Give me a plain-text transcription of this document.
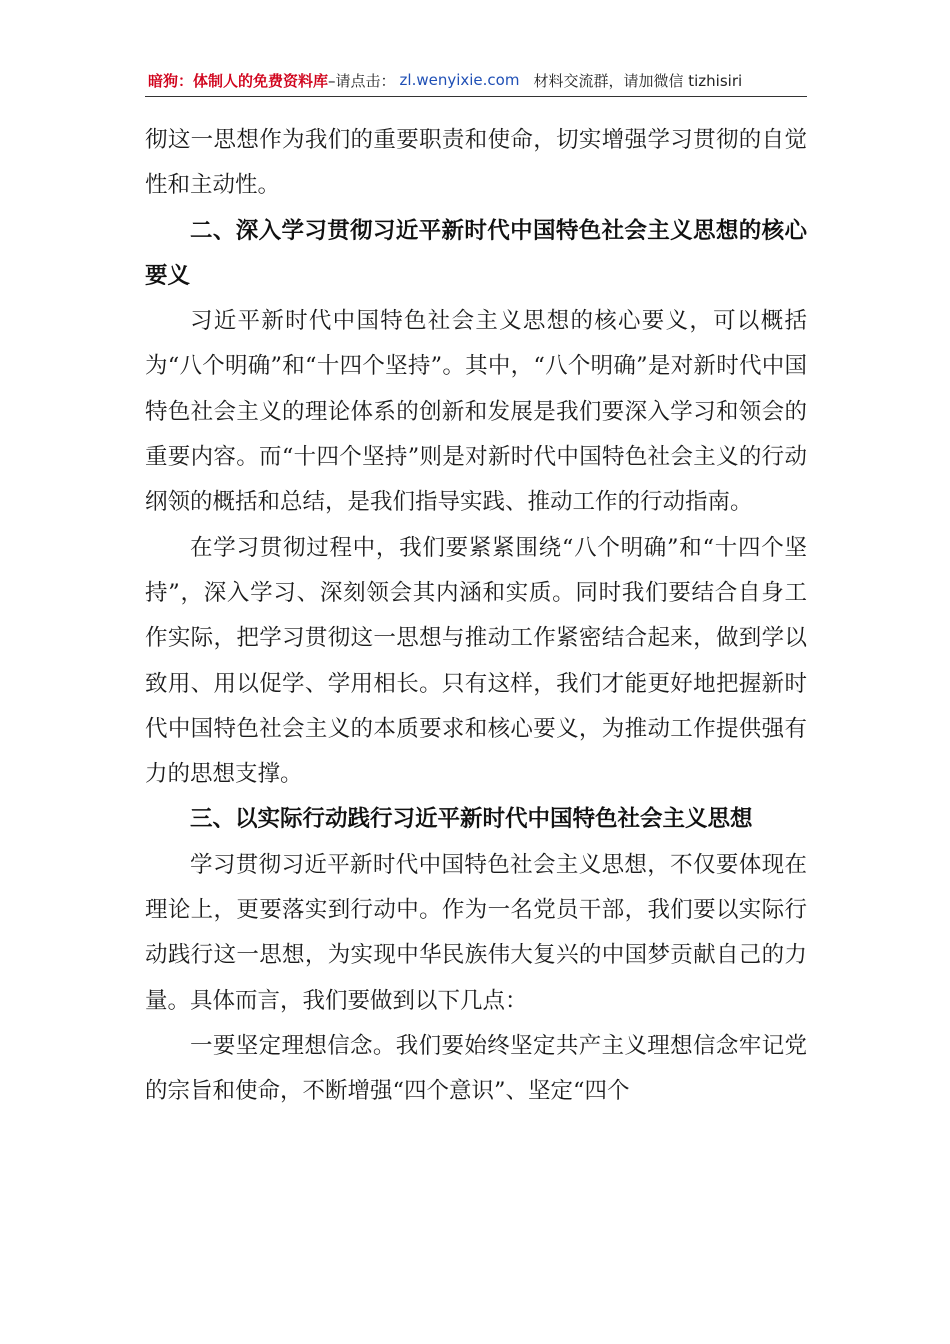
暗狗：体制人的免费资料库 –请点击： zl.wenyixie.com 材料交流群，请加微信 tizhisiri

彻这一思想作为我们的重要职责和使命，切实增强学习贯彻的自觉性和主动性。

二、深入学习贯彻习近平新时代中国特色社会主义思想的核心要义

习近平新时代中国特色社会主义思想的核心要义，可以概括为“八个明确”和“十四个坚持”。其中，“八个明确”是对新时代中国特色社会主义的理论体系的创新和发展是我们要深入学习和领会的重要内容。而“十四个坚持”则是对新时代中国特色社会主义的行动纲领的概括和总结，是我们指导实践、推动工作的行动指南。

在学习贯彻过程中，我们要紧紧围绕“八个明确”和“十四个坚持”，深入学习、深刻领会其内涵和实质。同时我们要结合自身工作实际，把学习贯彻这一思想与推动工作紧密结合起来，做到学以致用、用以促学、学用相长。只有这样，我们才能更好地把握新时代中国特色社会主义的本质要求和核心要义，为推动工作提供强有力的思想支撑。

三、以实际行动践行习近平新时代中国特色社会主义思想

学习贯彻习近平新时代中国特色社会主义思想，不仅要体现在理论上，更要落实到行动中。作为一名党员干部，我们要以实际行动践行这一思想，为实现中华民族伟大复兴的中国梦贡献自己的力量。具体而言，我们要做到以下几点：

一要坚定理想信念。我们要始终坚定共产主义理想信念牢记党的宗旨和使命，不断增强“四个意识”、坚定“四个
